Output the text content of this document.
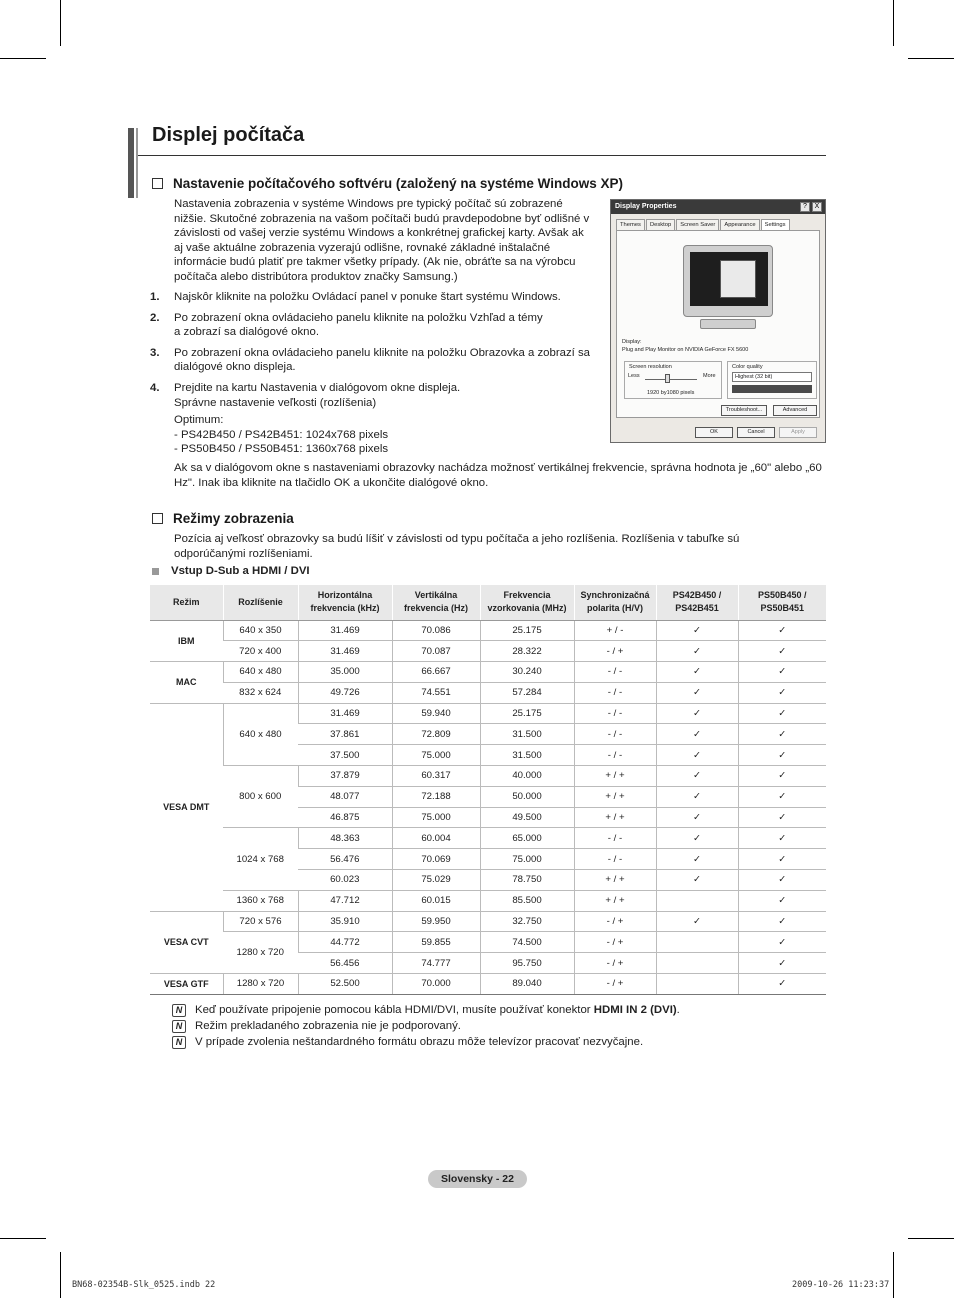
Displej počítača
Nastavenie počítačového softvéru (založený na systéme Windows XP)
Nastavenia zobrazenia v systéme Windows pre typický počítač sú zobrazené nižšie. Skutočné zobrazenia na vašom počítači budú pravdepodobne byť odlišné v závislosti od vašej verzie systému Windows a konkrétnej grafickej karty. Avšak ak aj vaše aktuálne zobrazenia vyzerajú odlišne, rovnaké základné inštalačné informácie budú platiť pre takmer všetky prípady. (Ak nie, obráťte sa na výrobcu počítača alebo distribútora produktov značky Samsung.)
1.	Najskôr kliknite na položku Ovládací panel v ponuke štart systému Windows.
2.	Po zobrazení okna ovládacieho panelu kliknite na položku Vzhľad a témy a zobrazí sa dialógové okno.
3.	Po zobrazení okna ovládacieho panelu kliknite na položku Obrazovka a zobrazí sa dialógové okno displeja.
4.	Prejdite na kartu Nastavenia v dialógovom okne displeja. Správne nastavenie veľkosti (rozlíšenia)
Optimum:
- PS42B450 / PS42B451: 1024x768 pixels
- PS50B450 / PS50B451: 1360x768 pixels
Ak sa v dialógovom okne s nastaveniami obrazovky nachádza možnosť vertikálnej frekvencie, správna hodnota je „60" alebo „60 Hz". Inak iba kliknite na tlačidlo OK a ukončite dialógové okno.
Display Properties	?	X
Themes	Desktop	Screen Saver	Appearance	Settings
Display:
Plug and Play Monitor on NVIDIA GeForce FX 5600
Screen resolution
Less	More
1920 by1080 pixels
Color quality
Highest (32 bit)
Troubleshoot...	Advanced
OK	Cancel	Apply
Režimy zobrazenia
Pozícia aj veľkosť obrazovky sa budú líšiť v závislosti od typu počítača a jeho rozlíšenia. Rozlíšenia v tabuľke sú odporúčanými rozlíšeniami.
Vstup D-Sub a HDMI / DVI
Režim	Rozlíšenie	Horizontálna frekvencia (kHz)	Vertikálna frekvencia (Hz)	Frekvencia vzorkovania (MHz)	Synchronizačná polarita (H/V)	PS42B450 / PS42B451	PS50B450 / PS50B451
IBM	640 x 350	31.469	70.086	25.175	+ / -	✓	✓
	720 x 400	31.469	70.087	28.322	- / +	✓	✓
MAC	640 x 480	35.000	66.667	30.240	- / -	✓	✓
	832 x 624	49.726	74.551	57.284	- / -	✓	✓
VESA DMT	640 x 480	31.469	59.940	25.175	- / -	✓	✓
		37.861	72.809	31.500	- / -	✓	✓
		37.500	75.000	31.500	- / -	✓	✓
	800 x 600	37.879	60.317	40.000	+ / +	✓	✓
		48.077	72.188	50.000	+ / +	✓	✓
		46.875	75.000	49.500	+ / +	✓	✓
	1024 x 768	48.363	60.004	65.000	- / -	✓	✓
		56.476	70.069	75.000	- / -	✓	✓
		60.023	75.029	78.750	+ / +	✓	✓
	1360 x 768	47.712	60.015	85.500	+ / +		✓
VESA CVT	720 x 576	35.910	59.950	32.750	- / +	✓	✓
	1280 x 720	44.772	59.855	74.500	- / +		✓
		56.456	74.777	95.750	- / +		✓
VESA GTF	1280 x 720	52.500	70.000	89.040	- / +		✓
N	Keď používate pripojenie pomocou kábla HDMI/DVI, musíte používať konektor HDMI IN 2 (DVI).
N	Režim prekladaného zobrazenia nie je podporovaný.
N	V prípade zvolenia neštandardného formátu obrazu môže televízor pracovať nezvyčajne.
Slovensky - 22
BN68-02354B-Slk_0525.indb 22	2009-10-26 11:23:37
